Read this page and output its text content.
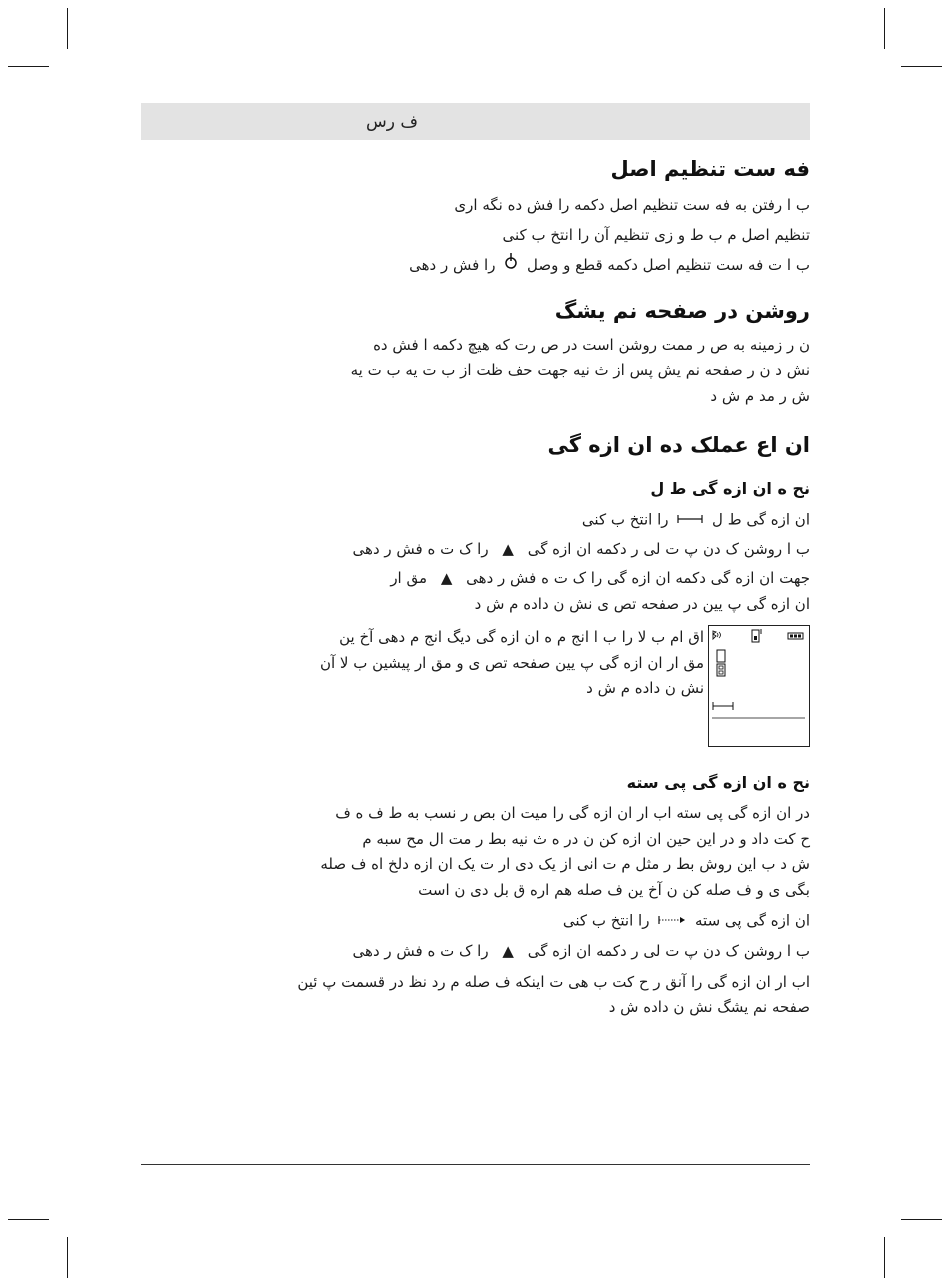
ف رس
فه ست تنظیم اصل

ب ا رفتن به فه ست تنظیم اصل دکمه را فش ده نگه اری

تنظیم اصل م ب ط و زی تنظیم آن را انتخ ب کنی

ب ا ت فه ست تنظیم اصل دکمه قطع و وصل  را فش ر دهی

روشن در صفحه نم یشگ

ن ر زمینه به ص ر ممت روشن است در ص رت که هیچ دکمه ا فش ده

نش د ن ر صفحه نم یش پس از ث نیه جهت حف ظت از ب ت یه ب ت یه

ش ر مد م ش د

ان اع عملک ده ان ازه گی
نح ه ان ازه گی ط ل

ان ازه گی ط ل  را انتخ ب کنی

ب ا روشن ک دن پ ت لی ر دکمه ان ازه گی ▲ را ک ت ه فش ر دهی

جهت ان ازه گی دکمه ان ازه گی را ک ت ه فش ر دهی ▲ مق ار

ان ازه گی پ یین در صفحه تص ی نش ن داده م ش د

اق ام ب لا را ب ا انج م ه ان ازه گی دیگ انج م دهی آخ ین

مق ار ان ازه گی پ یین صفحه تص ی و مق ار پیشین ب لا آن

نش ن داده م ش د

نح ه ان ازه گی پی سته

در ان ازه گی پی سته اب ار ان ازه گی را میت ان بص ر نسب به ط ف ه ف

ح کت داد و در این حین ان ازه کن ن در ه ث نیه بط ر مت ال مح سبه م

ش د ب این روش بط ر مثل م ت انی از یک دی ار ت یک ان ازه دلخ اه ف صله

بگی ی و ف صله کن ن آخ ین ف صله هم اره ق بل دی ن است

ان ازه گی پی سته  را انتخ ب کنی

ب ا روشن ک دن پ ت لی ر دکمه ان ازه گی ▲ را ک ت ه فش ر دهی

اب ار ان ازه گی را آنق ر ح کت ب هی ت اینکه ف صله م رد نظ در قسمت پ ئین

صفحه نم یشگ نش ن داده ش د
